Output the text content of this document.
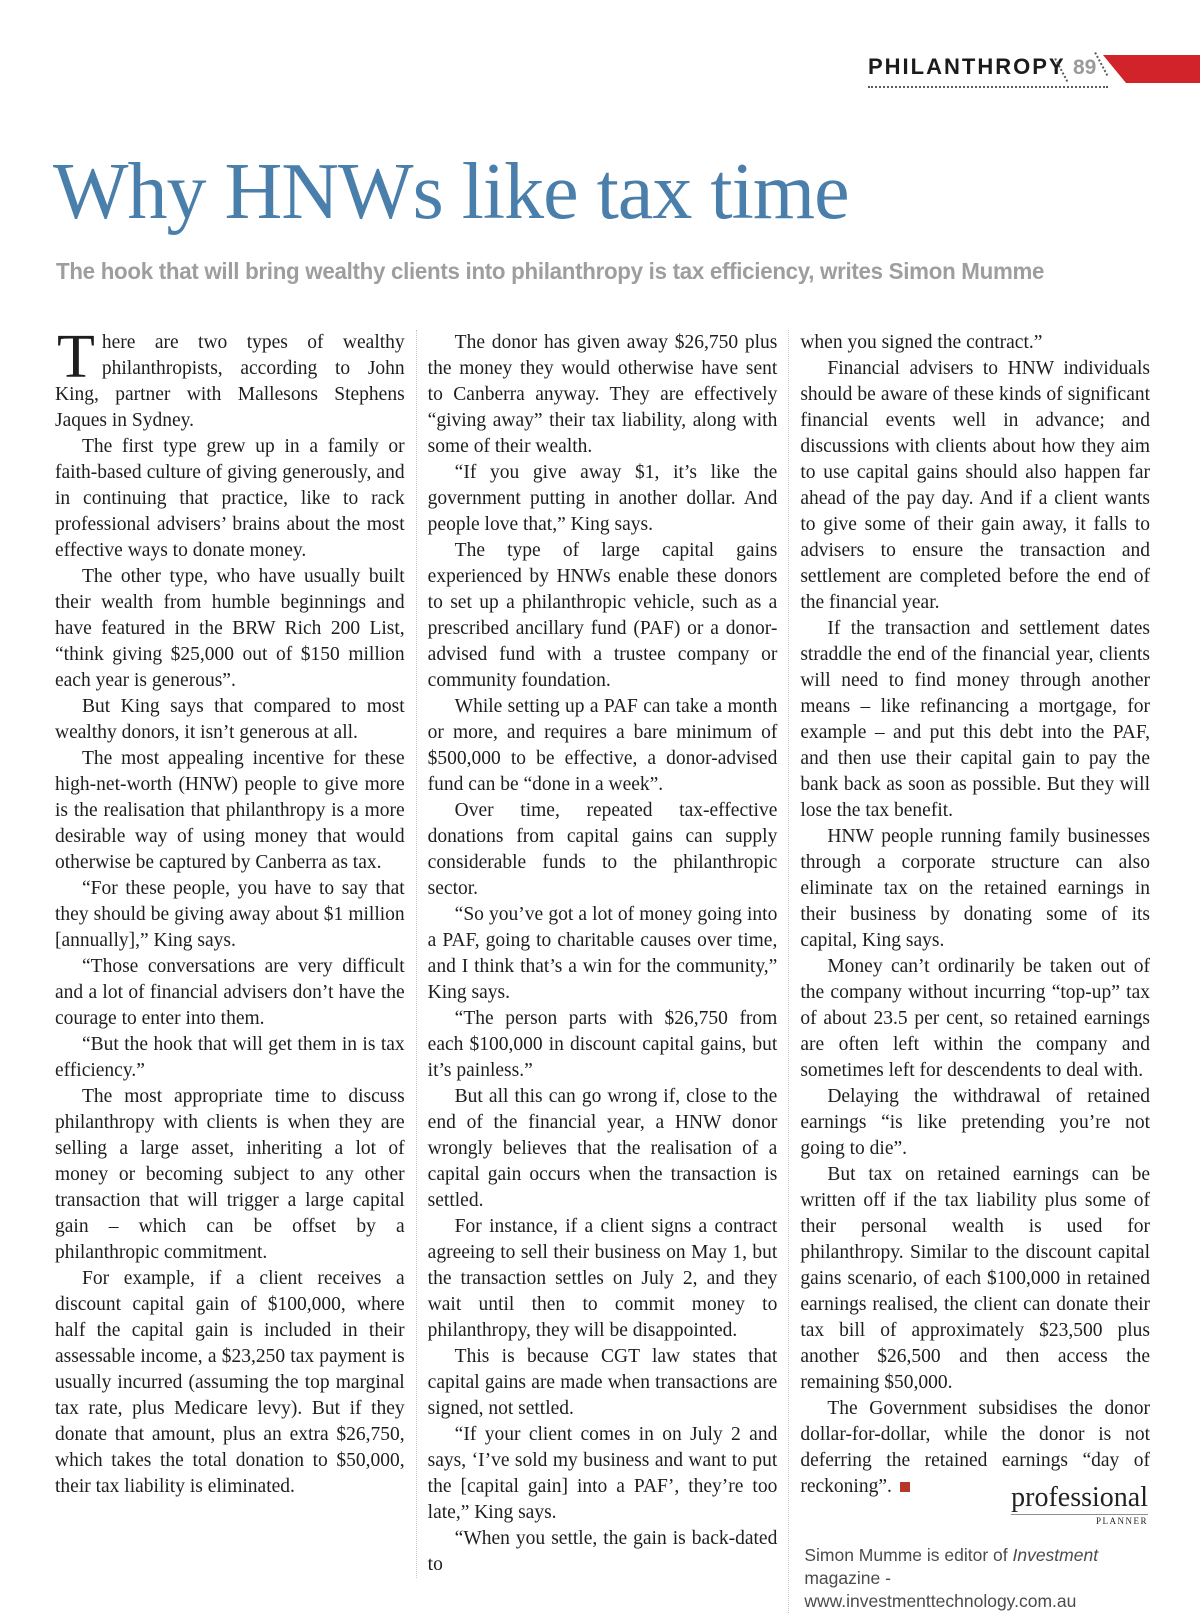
PHILANTHROPY 89
Why HNWs like tax time
The hook that will bring wealthy clients into philanthropy is tax efficiency, writes Simon Mumme

There are two types of wealthy philanthropists, according to John King, partner with Mallesons Stephens Jaques in Sydney.

The first type grew up in a family or faith-based culture of giving generously, and in continuing that practice, like to rack professional advisers’ brains about the most effective ways to donate money.

The other type, who have usually built their wealth from humble beginnings and have featured in the BRW Rich 200 List, “think giving $25,000 out of $150 million each year is generous”.

But King says that compared to most wealthy donors, it isn’t generous at all.

The most appealing incentive for these high-net-worth (HNW) people to give more is the realisation that philanthropy is a more desirable way of using money that would otherwise be captured by Canberra as tax.

“For these people, you have to say that they should be giving away about $1 million [annually],” King says.

“Those conversations are very difficult and a lot of financial advisers don’t have the courage to enter into them.

“But the hook that will get them in is tax efficiency.”

The most appropriate time to discuss philanthropy with clients is when they are selling a large asset, inheriting a lot of money or becoming subject to any other transaction that will trigger a large capital gain – which can be offset by a philanthropic commitment.

For example, if a client receives a discount capital gain of $100,000, where half the capital gain is included in their assessable income, a $23,250 tax payment is usually incurred (assuming the top marginal tax rate, plus Medicare levy). But if they donate that amount, plus an extra $26,750, which takes the total donation to $50,000, their tax liability is eliminated.

The donor has given away $26,750 plus the money they would otherwise have sent to Canberra anyway. They are effectively “giving away” their tax liability, along with some of their wealth.

“If you give away $1, it’s like the government putting in another dollar. And people love that,” King says.

The type of large capital gains experienced by HNWs enable these donors to set up a philanthropic vehicle, such as a prescribed ancillary fund (PAF) or a donor-advised fund with a trustee company or community foundation.

While setting up a PAF can take a month or more, and requires a bare minimum of $500,000 to be effective, a donor-advised fund can be “done in a week”.

Over time, repeated tax-effective donations from capital gains can supply considerable funds to the philanthropic sector.

“So you’ve got a lot of money going into a PAF, going to charitable causes over time, and I think that’s a win for the community,” King says.

“The person parts with $26,750 from each $100,000 in discount capital gains, but it’s painless.”

But all this can go wrong if, close to the end of the financial year, a HNW donor wrongly believes that the realisation of a capital gain occurs when the transaction is settled.

For instance, if a client signs a contract agreeing to sell their business on May 1, but the transaction settles on July 2, and they wait until then to commit money to philanthropy, they will be disappointed.

This is because CGT law states that capital gains are made when transactions are signed, not settled.

“If your client comes in on July 2 and says, ‘I’ve sold my business and want to put the [capital gain] into a PAF’, they’re too late,” King says.

“When you settle, the gain is back-dated to

when you signed the contract.”

Financial advisers to HNW individuals should be aware of these kinds of significant financial events well in advance; and discussions with clients about how they aim to use capital gains should also happen far ahead of the pay day. And if a client wants to give some of their gain away, it falls to advisers to ensure the transaction and settlement are completed before the end of the financial year.

If the transaction and settlement dates straddle the end of the financial year, clients will need to find money through another means – like refinancing a mortgage, for example – and put this debt into the PAF, and then use their capital gain to pay the bank back as soon as possible. But they will lose the tax benefit.

HNW people running family businesses through a corporate structure can also eliminate tax on the retained earnings in their business by donating some of its capital, King says.

Money can’t ordinarily be taken out of the company without incurring “top-up” tax of about 23.5 per cent, so retained earnings are often left within the company and sometimes left for descendents to deal with.

Delaying the withdrawal of retained earnings “is like pretending you’re not going to die”.

But tax on retained earnings can be written off if the tax liability plus some of their personal wealth is used for philanthropy. Similar to the discount capital gains scenario, of each $100,000 in retained earnings realised, the client can donate their tax bill of approximately $23,500 plus another $26,500 and then access the remaining $50,000.

The Government subsidises the donor dollar-for-dollar, while the donor is not deferring the retained earnings “day of reckoning”.

Simon Mumme is editor of Investment magazine -
www.investmenttechnology.com.au
professional
PLANNER
